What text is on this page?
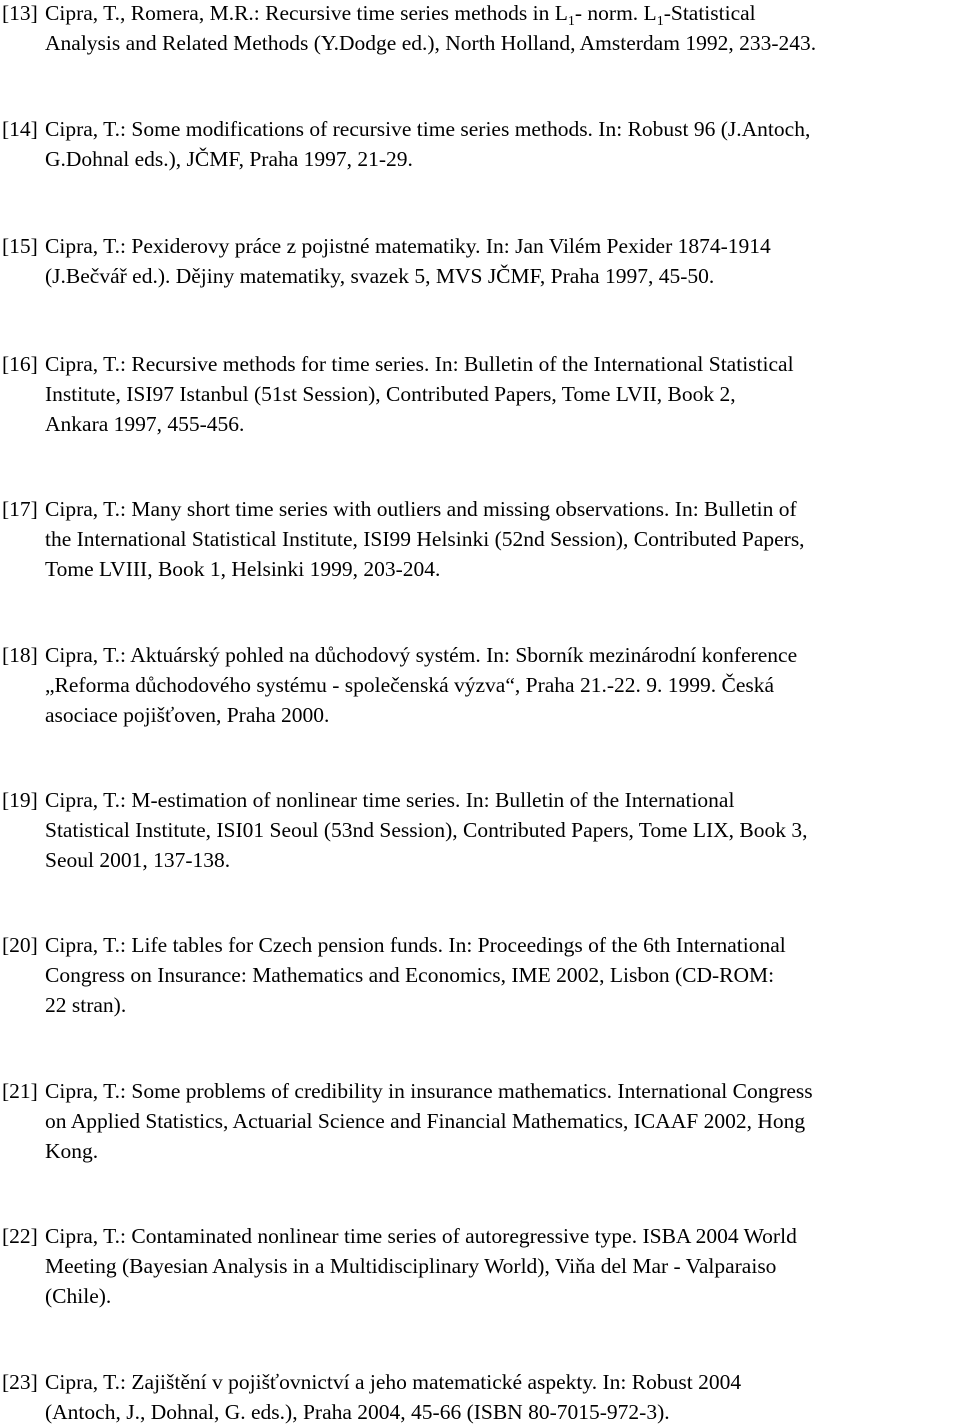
[13] Cipra, T., Romera, M.R.: Recursive time series methods in $L_1-$ norm. $L_1$-Statistical
Analysis and Related Methods (Y.Dodge ed.), North Holland, Amsterdam 1992, 233-243.
[14] Cipra, T.: Some modifications of recursive time series methods. In: Robust 96 (J.Antoch,
G.Dohnal eds.), JČMF, Praha 1997, 21-29.
[15] Cipra, T.: Pexiderovy práce z pojistné matematiky. In: Jan Vilém Pexider 1874-1914
(J.Bečvář ed.). Dějiny matematiky, svazek 5, MVS JČMF, Praha 1997, 45-50.
[16] Cipra, T.: Recursive methods for time series. In: Bulletin of the International Statistical
Institute, ISI97 Istanbul (51st Session), Contributed Papers, Tome LVII, Book 2,
Ankara 1997, 455-456.
[17] Cipra, T.: Many short time series with outliers and missing observations. In: Bulletin of
the International Statistical Institute, ISI99 Helsinki (52nd Session), Contributed Papers,
Tome LVIII, Book 1, Helsinki 1999, 203-204.
[18] Cipra, T.: Aktuárský pohled na důchodový systém. In: Sborník mezinárodní konference
„Reforma důchodového systému - společenská výzva“, Praha 21.-22. 9. 1999. Česká
asociace pojišťoven, Praha 2000.
[19] Cipra, T.: M-estimation of nonlinear time series. In: Bulletin of the International
Statistical Institute, ISI01 Seoul (53nd Session), Contributed Papers, Tome LIX, Book 3,
Seoul 2001, 137-138.
[20] Cipra, T.: Life tables for Czech pension funds. In: Proceedings of the 6th International
Congress on Insurance: Mathematics and Economics, IME 2002, Lisbon (CD-ROM:
22 stran).
[21] Cipra, T.: Some problems of credibility in insurance mathematics. International Congress
on Applied Statistics, Actuarial Science and Financial Mathematics, ICAAF 2002, Hong
Kong.
[22] Cipra, T.: Contaminated nonlinear time series of autoregressive type. ISBA 2004 World
Meeting (Bayesian Analysis in a Multidisciplinary World), Viňa del Mar - Valparaiso
(Chile).
[23] Cipra, T.: Zajištění v pojišťovnictví a jeho matematické aspekty. In: Robust 2004
(Antoch, J., Dohnal, G. eds.), Praha 2004, 45-66 (ISBN 80-7015-972-3).
